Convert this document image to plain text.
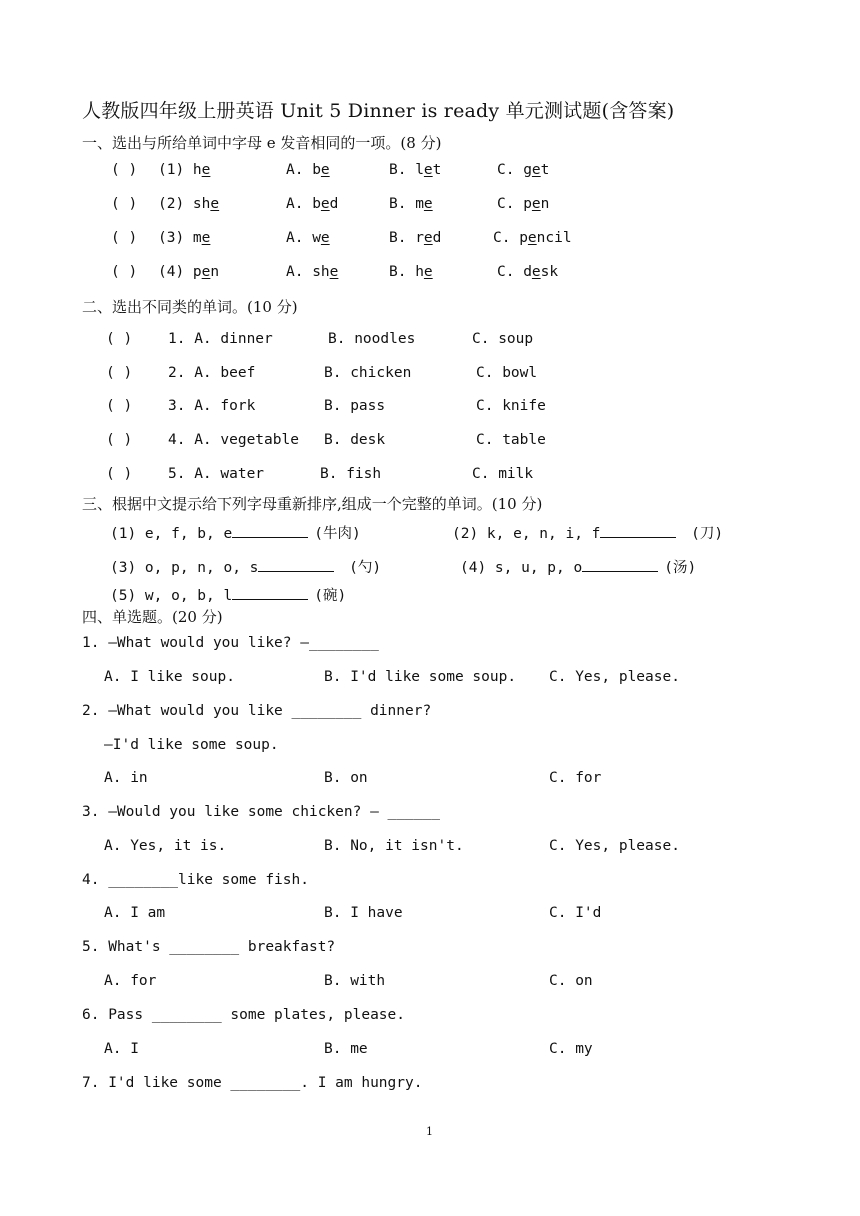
人教版四年级上册英语 Unit 5 Dinner is ready 单元测试题(含答案)
一、选出与所给单词中字母 e 发音相同的一项。(8 分)
( ) (1) he	A. be	B. let	C. get
( ) (2) she	A. bed	B. me	C. pen
( ) (3) me	A. we	B. red	C. pencil
( ) (4) pen	A. she	B. he	C. desk
二、选出不同类的单词。(10 分)
( ) 1. A. dinner	B. noodles	C. soup
( ) 2. A. beef	B. chicken	C. bowl
( ) 3. A. fork	B. pass	C. knife
( ) 4. A. vegetable B. desk	C. table
( ) 5. A. water	B. fish	C. milk
三、根据中文提示给下列字母重新排序,组成一个完整的单词。(10 分)
(1) e, f, b, e	(牛肉)	(2) k, e, n, i, f	(刀)
(3) o, p, n, o, s	(勺)	(4) s, u, p, o	(汤)
(5) w, o, b, l	(碗)
四、单选题。(20 分)
1. —What would you like? —________
A. I like soup.	B. I'd like some soup. C. Yes, please.
2. —What would you like ________ dinner?
—I'd like some soup.
A. in	B. on	C. for
3. —Would you like some chicken? — ______
A. Yes, it is.	B. No, it isn't.	C. Yes, please.
4. ________like some fish.
A. I am	B. I have	C. I'd
5. What's ________ breakfast?
A. for	B. with	C. on
6. Pass ________ some plates, please.
A. I	B. me	C. my
7. I'd like some ________. I am hungry.
1
